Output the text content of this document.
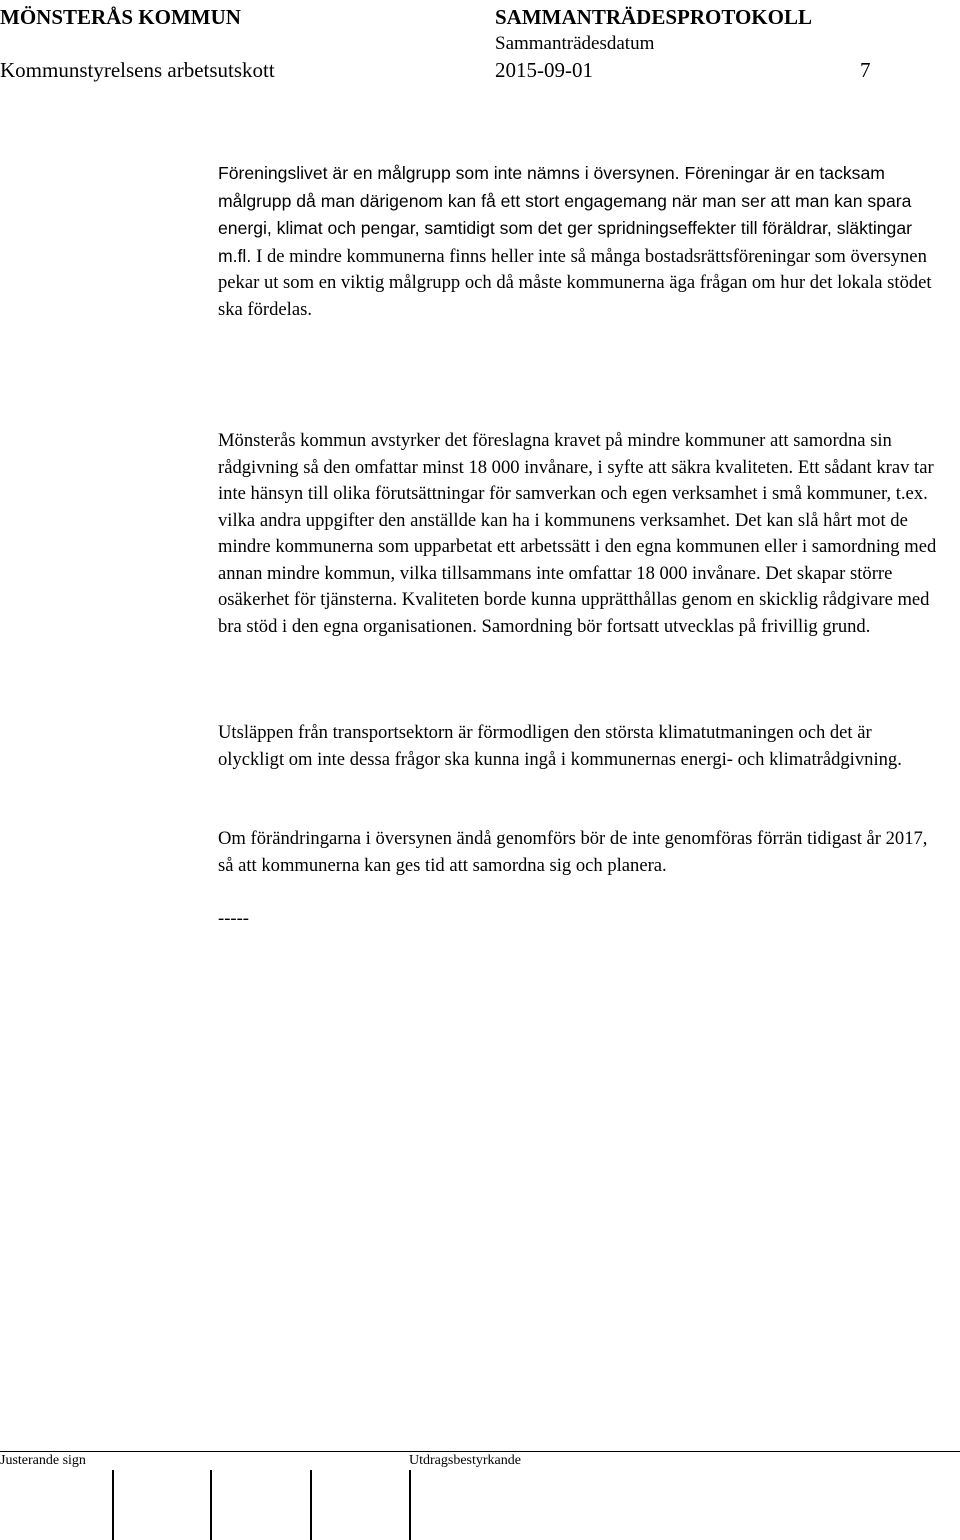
MÖNSTERÅS KOMMUN	SAMMANTRÄDESPROTOKOLL
Sammanträdesdatum
Kommunstyrelsens arbetsutskott	2015-09-01	7
Föreningslivet är en målgrupp som inte nämns i översynen. Föreningar är en tacksam målgrupp då man därigenom kan få ett stort engagemang när man ser att man kan spara energi, klimat och pengar, samtidigt som det ger spridningseffekter till föräldrar, släktingar m.fl. I de mindre kommunerna finns heller inte så många bostadsrättsföreningar som översynen pekar ut som en viktig målgrupp och då måste kommunerna äga frågan om hur det lokala stödet ska fördelas.

Mönsterås kommun avstyrker det föreslagna kravet på mindre kommuner att samordna sin rådgivning så den omfattar minst 18 000 invånare, i syfte att säkra kvaliteten. Ett sådant krav tar inte hänsyn till olika förutsättningar för samverkan och egen verksamhet i små kommuner, t.ex. vilka andra uppgifter den anställde kan ha i kommunens verksamhet. Det kan slå hårt mot de mindre kommunerna som upparbetat ett arbetssätt i den egna kommunen eller i samordning med annan mindre kommun, vilka tillsammans inte omfattar 18 000 invånare. Det skapar större osäkerhet för tjänsterna. Kvaliteten borde kunna upprätthållas genom en skicklig rådgivare med bra stöd i den egna organisationen. Samordning bör fortsatt utvecklas på frivillig grund.

Utsläppen från transportsektorn är förmodligen den största klimatutmaningen och det är olyckligt om inte dessa frågor ska kunna ingå i kommunernas energi- och klimatrådgivning.

Om förändringarna i översynen ändå genomförs bör de inte genomföras förrän tidigast år 2017, så att kommunerna kan ges tid att samordna sig och planera.

-----

Justerande sign	Utdragsbestyrkande
